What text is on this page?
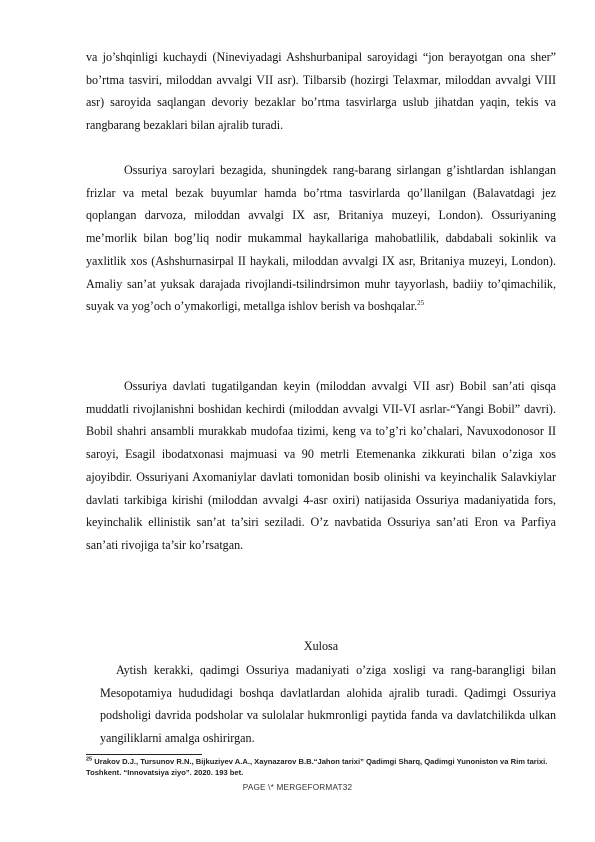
va jo’shqinligi kuchaydi (Nineviyadagi Ashshurbanipal saroyidagi “jon berayotgan ona sher” bo’rtma tasviri, miloddan avvalgi VII asr). Tilbarsib (hozirgi Telaxmar, miloddan avvalgi VIII asr) saroyida saqlangan devoriy bezaklar bo’rtma tasvirlarga uslub jihatdan yaqin, tekis va rangbarang bezaklari bilan ajralib turadi.

Ossuriya saroylari bezagida, shuningdek rang-barang sirlangan g’ishtlardan ishlangan frizlar va metal bezak buyumlar hamda bo’rtma tasvirlarda qo’llanilgan (Balavatdagi jez qoplangan darvoza, miloddan avvalgi IX asr, Britaniya muzeyi, London). Ossuriyaning me’morlik bilan bog’liq nodir mukammal haykallariga mahobatlilik, dabdabali sokinlik va yaxlitlik xos (Ashshurnasirpal II haykali, miloddan avvalgi IX asr, Britaniya muzeyi, London). Amaliy san’at yuksak darajada rivojlandi-tsilindrsimon muhr tayyorlash, badiiy to’qimachilik, suyak va yog’och o’ymakorligi, metallga ishlov berish va boshqalar.$^{25}$

Ossuriya davlati tugatilgandan keyin (miloddan avvalgi VII asr) Bobil san’ati qisqa muddatli rivojlanishni boshidan kechirdi (miloddan avvalgi VII-VI asrlar-“Yangi Bobil” davri). Bobil shahri ansambli murakkab mudofaa tizimi, keng va to’g’ri ko’chalari, Navuxodonosor II saroyi, Esagil ibodatxonasi majmuasi va 90 metrli Etemenanka zikkurati bilan o’ziga xos ajoyibdir. Ossuriyani Axomaniylar davlati tomonidan bosib olinishi va keyinchalik Salavkiylar davlati tarkibiga kirishi (miloddan avvalgi 4-asr oxiri) natijasida Ossuriya madaniyatida fors, keyinchalik ellinistik san’at ta’siri seziladi. O’z navbatida Ossuriya san’ati Eron va Parfiya san’ati rivojiga ta’sir ko’rsatgan.

Xulosa

Aytish kerakki, qadimgi Ossuriya madaniyati o’ziga xosligi va rang-barangligi bilan Mesopotamiya hududidagi boshqa davlatlardan alohida ajralib turadi. Qadimgi Ossuriya podsholigi davrida podsholar va sulolalar hukmronligi paytida fanda va davlatchilikda ulkan yangiliklarni amalga oshirirgan.

$^{25}$ Urakov D.J., Tursunov R.N., Bijkuziyev A.A., Xaynazarov B.B.“Jahon tarixi” Qadimgi Sharq, Qadimgi Yunoniston va Rim tarixi. Toshkent. “Innovatsiya ziyo”. 2020. 193 bet.

PAGE \* MERGEFORMAT32
